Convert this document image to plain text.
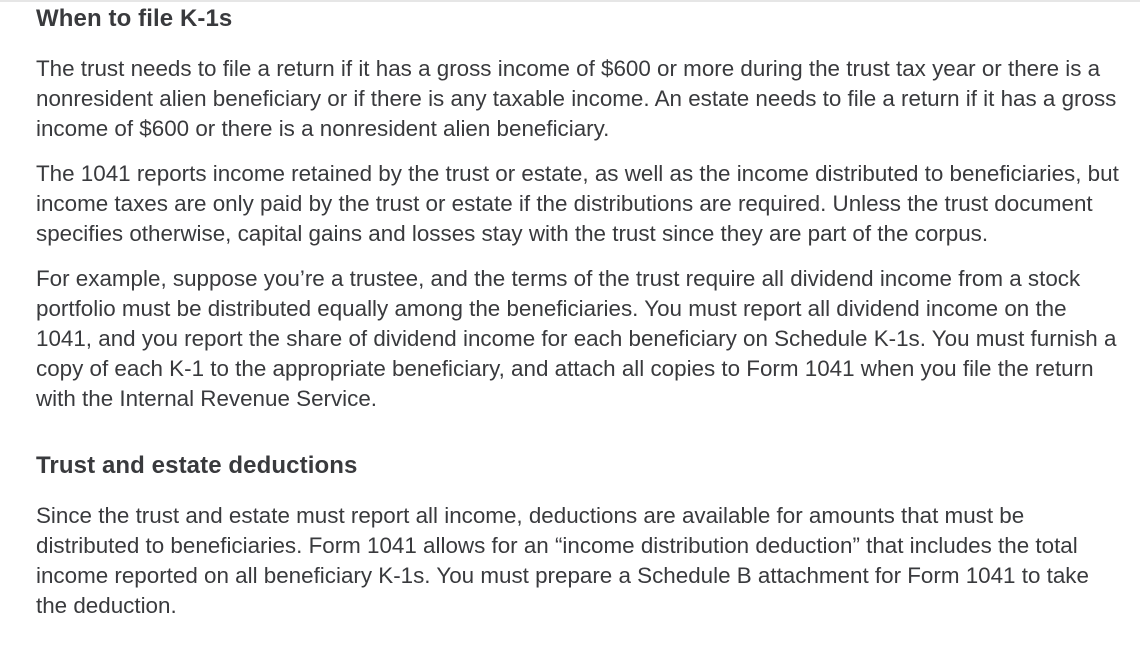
When to file K-1s

The trust needs to file a return if it has a gross income of $600 or more during the trust tax year or there is a nonresident alien beneficiary or if there is any taxable income. An estate needs to file a return if it has a gross income of $600 or there is a nonresident alien beneficiary.

The 1041 reports income retained by the trust or estate, as well as the income distributed to beneficiaries, but income taxes are only paid by the trust or estate if the distributions are required. Unless the trust document specifies otherwise, capital gains and losses stay with the trust since they are part of the corpus.

For example, suppose you’re a trustee, and the terms of the trust require all dividend income from a stock portfolio must be distributed equally among the beneficiaries. You must report all dividend income on the 1041, and you report the share of dividend income for each beneficiary on Schedule K-1s. You must furnish a copy of each K-1 to the appropriate beneficiary, and attach all copies to Form 1041 when you file the return with the Internal Revenue Service.

Trust and estate deductions

Since the trust and estate must report all income, deductions are available for amounts that must be distributed to beneficiaries. Form 1041 allows for an “income distribution deduction” that includes the total income reported on all beneficiary K-1s. You must prepare a Schedule B attachment for Form 1041 to take the deduction.
